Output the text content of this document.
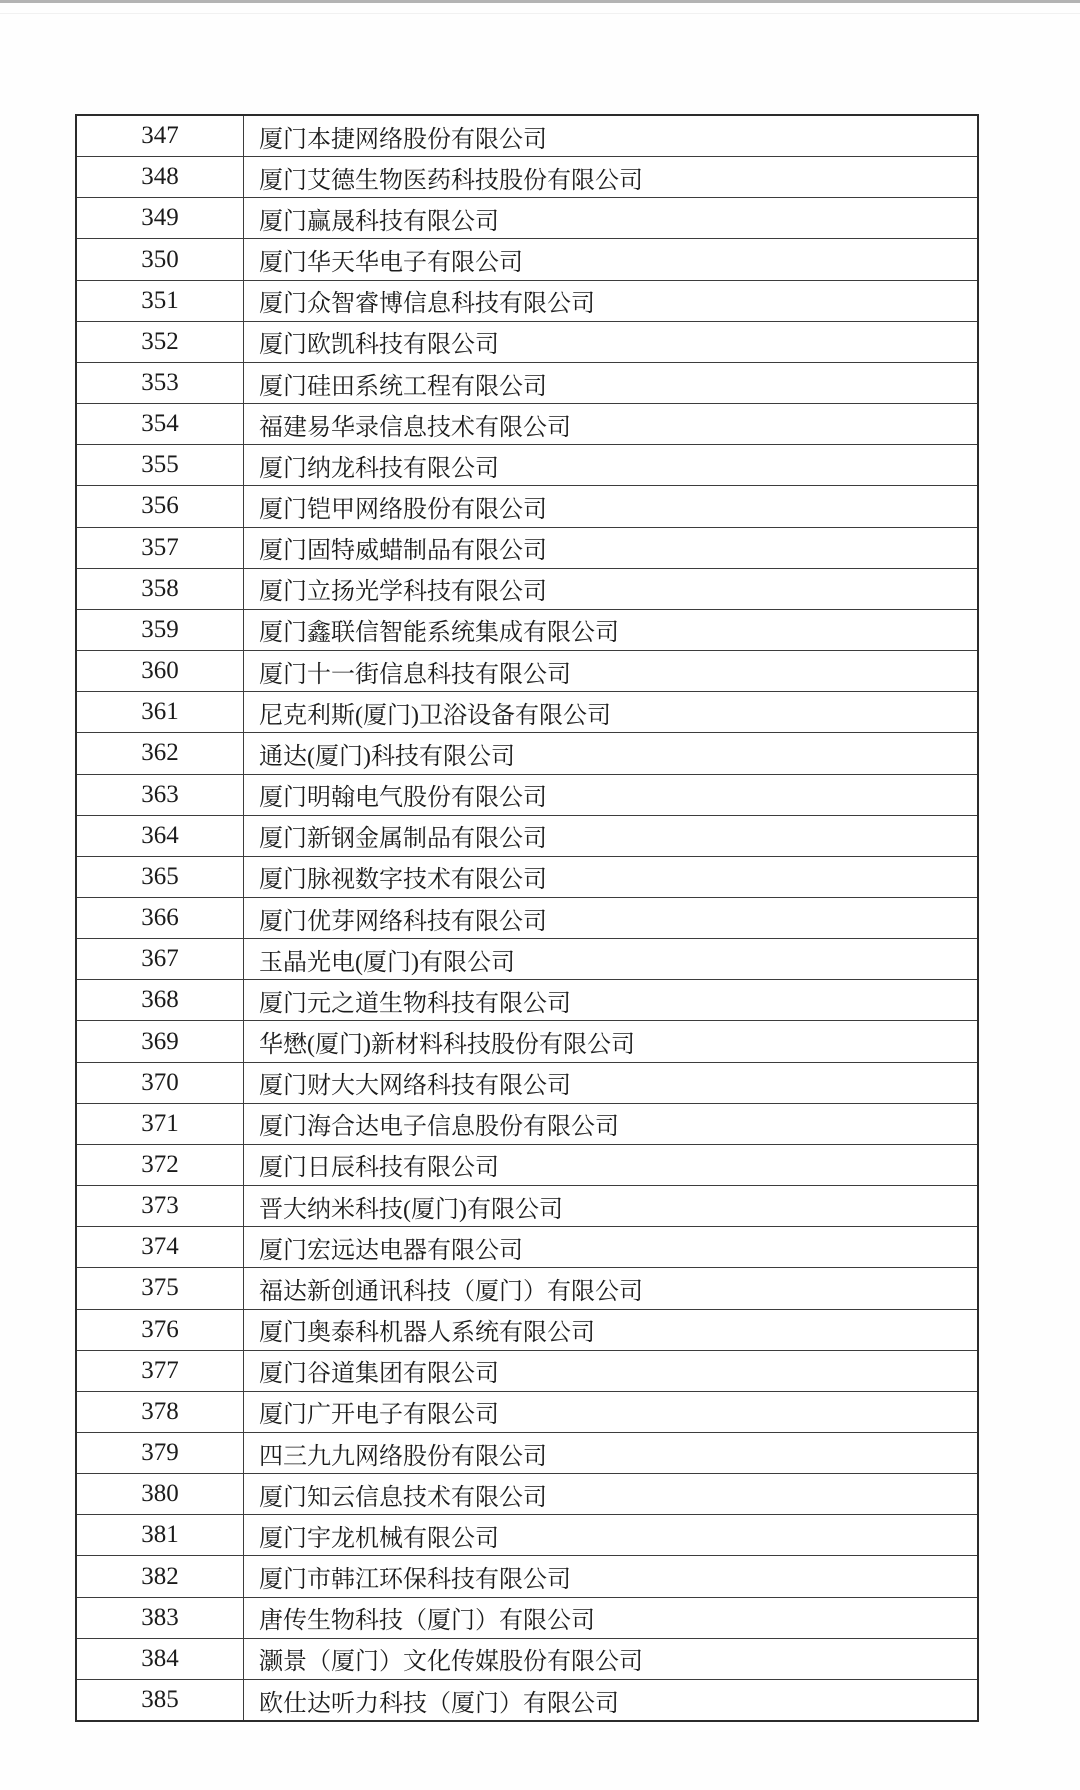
347	厦门本捷网络股份有限公司
348	厦门艾德生物医药科技股份有限公司
349	厦门赢晟科技有限公司
350	厦门华天华电子有限公司
351	厦门众智睿博信息科技有限公司
352	厦门欧凯科技有限公司
353	厦门硅田系统工程有限公司
354	福建易华录信息技术有限公司
355	厦门纳龙科技有限公司
356	厦门铠甲网络股份有限公司
357	厦门固特威蜡制品有限公司
358	厦门立扬光学科技有限公司
359	厦门鑫联信智能系统集成有限公司
360	厦门十一街信息科技有限公司
361	尼克利斯(厦门)卫浴设备有限公司
362	通达(厦门)科技有限公司
363	厦门明翰电气股份有限公司
364	厦门新钢金属制品有限公司
365	厦门脉视数字技术有限公司
366	厦门优芽网络科技有限公司
367	玉晶光电(厦门)有限公司
368	厦门元之道生物科技有限公司
369	华懋(厦门)新材料科技股份有限公司
370	厦门财大大网络科技有限公司
371	厦门海合达电子信息股份有限公司
372	厦门日辰科技有限公司
373	晋大纳米科技(厦门)有限公司
374	厦门宏远达电器有限公司
375	福达新创通讯科技（厦门）有限公司
376	厦门奥泰科机器人系统有限公司
377	厦门谷道集团有限公司
378	厦门广开电子有限公司
379	四三九九网络股份有限公司
380	厦门知云信息技术有限公司
381	厦门宇龙机械有限公司
382	厦门市韩江环保科技有限公司
383	唐传生物科技（厦门）有限公司
384	灏景（厦门）文化传媒股份有限公司
385	欧仕达听力科技（厦门）有限公司
